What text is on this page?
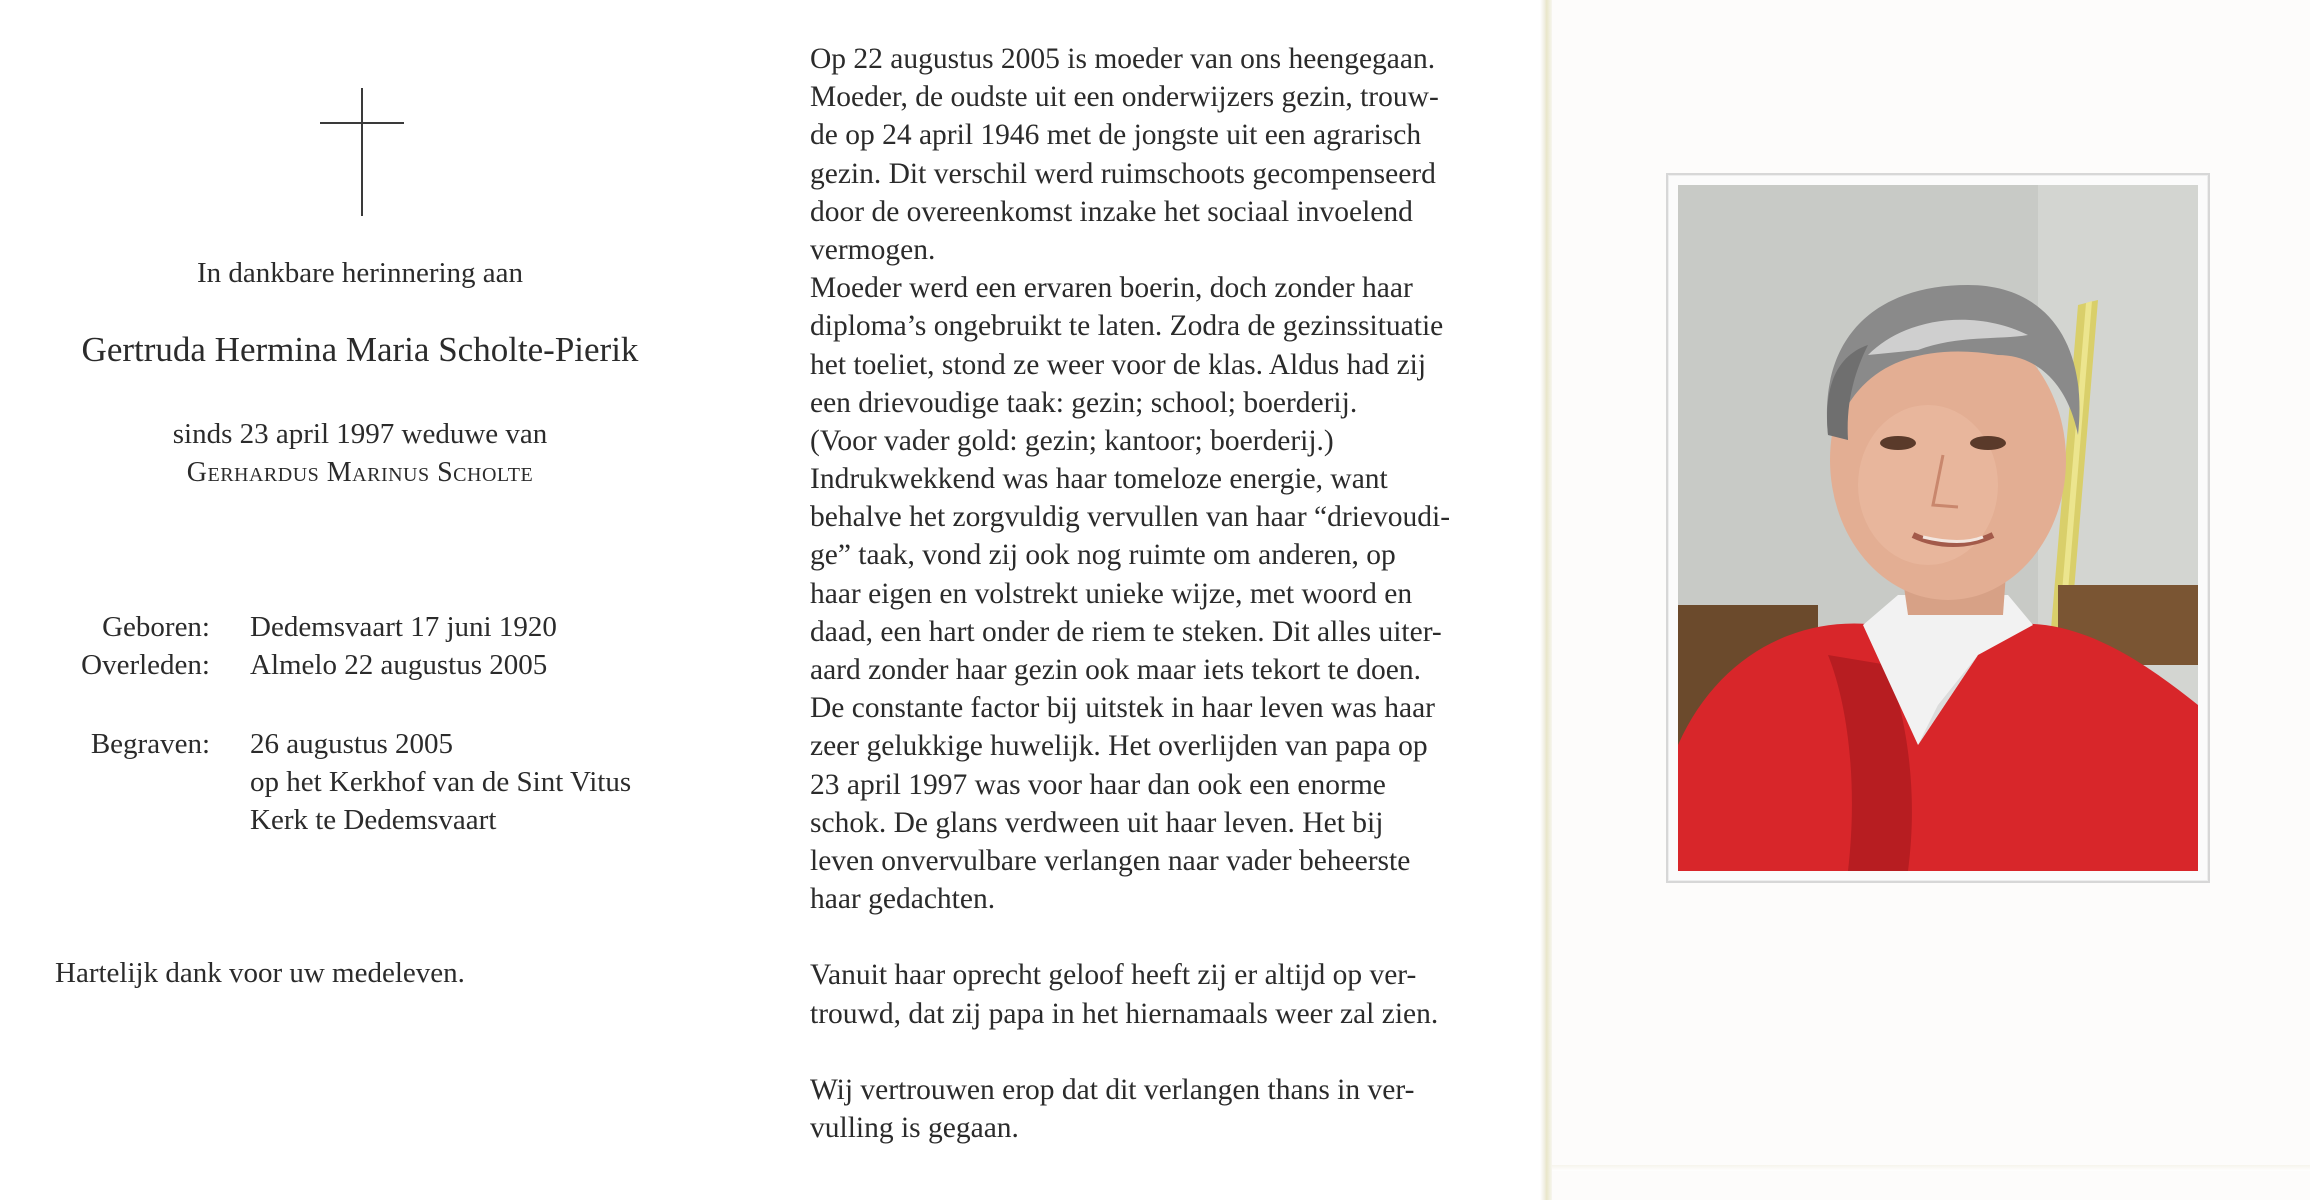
In dankbare herinnering aan
Gertruda Hermina Maria Scholte-Pierik
sinds 23 april 1997 weduwe van
Gerhardus Marinus Scholte
Geboren: Dedemsvaart 17 juni 1920
Overleden: Almelo 22 augustus 2005
Begraven: 26 augustus 2005
op het Kerkhof van de Sint Vitus
Kerk te Dedemsvaart
Hartelijk dank voor uw medeleven.
Op 22 augustus 2005 is moeder van ons heengegaan.
Moeder, de oudste uit een onderwijzers gezin, trouw-
de op 24 april 1946 met de jongste uit een agrarisch
gezin. Dit verschil werd ruimschoots gecompenseerd
door de overeenkomst inzake het sociaal invoelend
vermogen.
Moeder werd een ervaren boerin, doch zonder haar
diploma’s ongebruikt te laten. Zodra de gezinssituatie
het toeliet, stond ze weer voor de klas. Aldus had zij
een drievoudige taak: gezin; school; boerderij.
(Voor vader gold: gezin; kantoor; boerderij.)
Indrukwekkend was haar tomeloze energie, want
behalve het zorgvuldig vervullen van haar “drievoudi-
ge” taak, vond zij ook nog ruimte om anderen, op
haar eigen en volstrekt unieke wijze, met woord en
daad, een hart onder de riem te steken. Dit alles uiter-
aard zonder haar gezin ook maar iets tekort te doen.
De constante factor bij uitstek in haar leven was haar
zeer gelukkige huwelijk. Het overlijden van papa op
23 april 1997 was voor haar dan ook een enorme
schok. De glans verdween uit haar leven. Het bij
leven onvervulbare verlangen naar vader beheerste
haar gedachten.
Vanuit haar oprecht geloof heeft zij er altijd op ver-
trouwd, dat zij papa in het hiernamaals weer zal zien.
Wij vertrouwen erop dat dit verlangen thans in ver-
vulling is gegaan.
